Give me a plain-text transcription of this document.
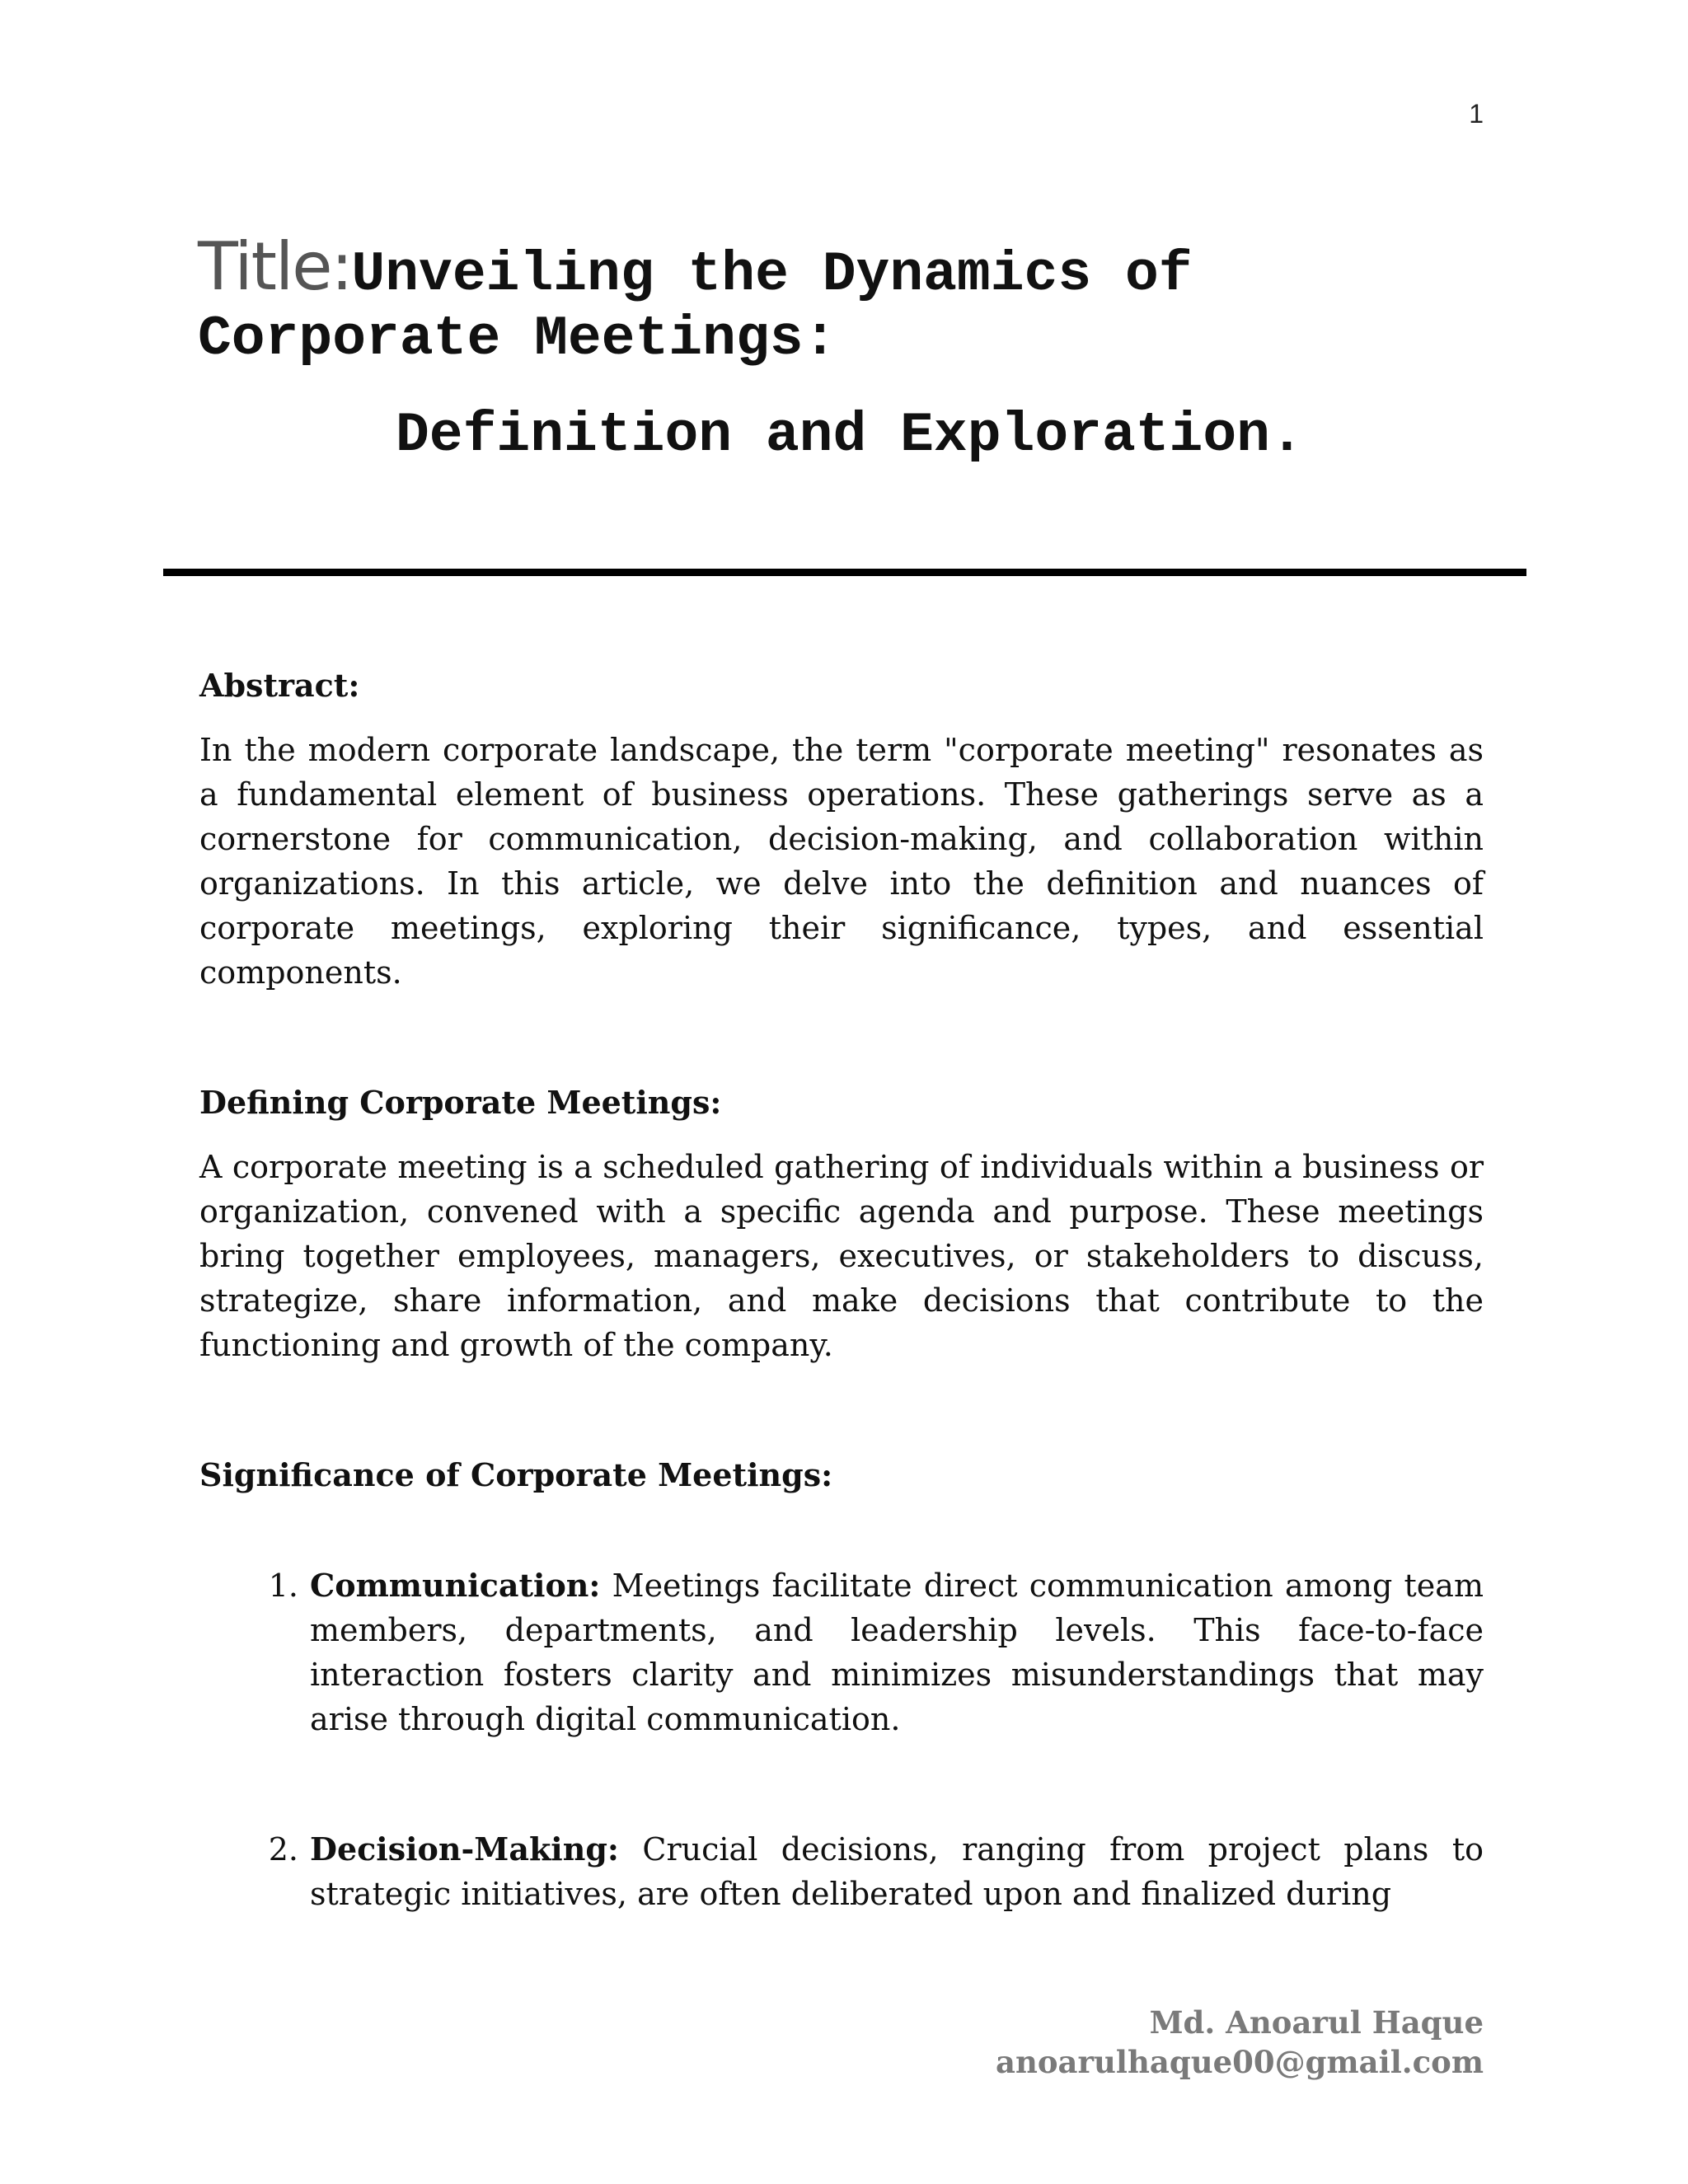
1
Title:Unveiling the Dynamics of
Corporate Meetings:
Definition and Exploration.
Abstract:

In the modern corporate landscape, the term "corporate meeting" resonates as a fundamental element of business operations. These gatherings serve as a cornerstone for communication, decision-making, and collaboration within organizations. In this article, we delve into the definition and nuances of corporate meetings, exploring their significance, types, and essential components.

Defining Corporate Meetings:

A corporate meeting is a scheduled gathering of individuals within a business or organization, convened with a specific agenda and purpose. These meetings bring together employees, managers, executives, or stakeholders to discuss, strategize, share information, and make decisions that contribute to the functioning and growth of the company.

Significance of Corporate Meetings:
1. Communication: Meetings facilitate direct communication among team members, departments, and leadership levels. This face-to-face interaction fosters clarity and minimizes misunderstandings that may arise through digital communication.
2. Decision-Making: Crucial decisions, ranging from project plans to strategic initiatives, are often deliberated upon and finalized during
Md. Anoarul Haque
anoarulhaque00@gmail.com
